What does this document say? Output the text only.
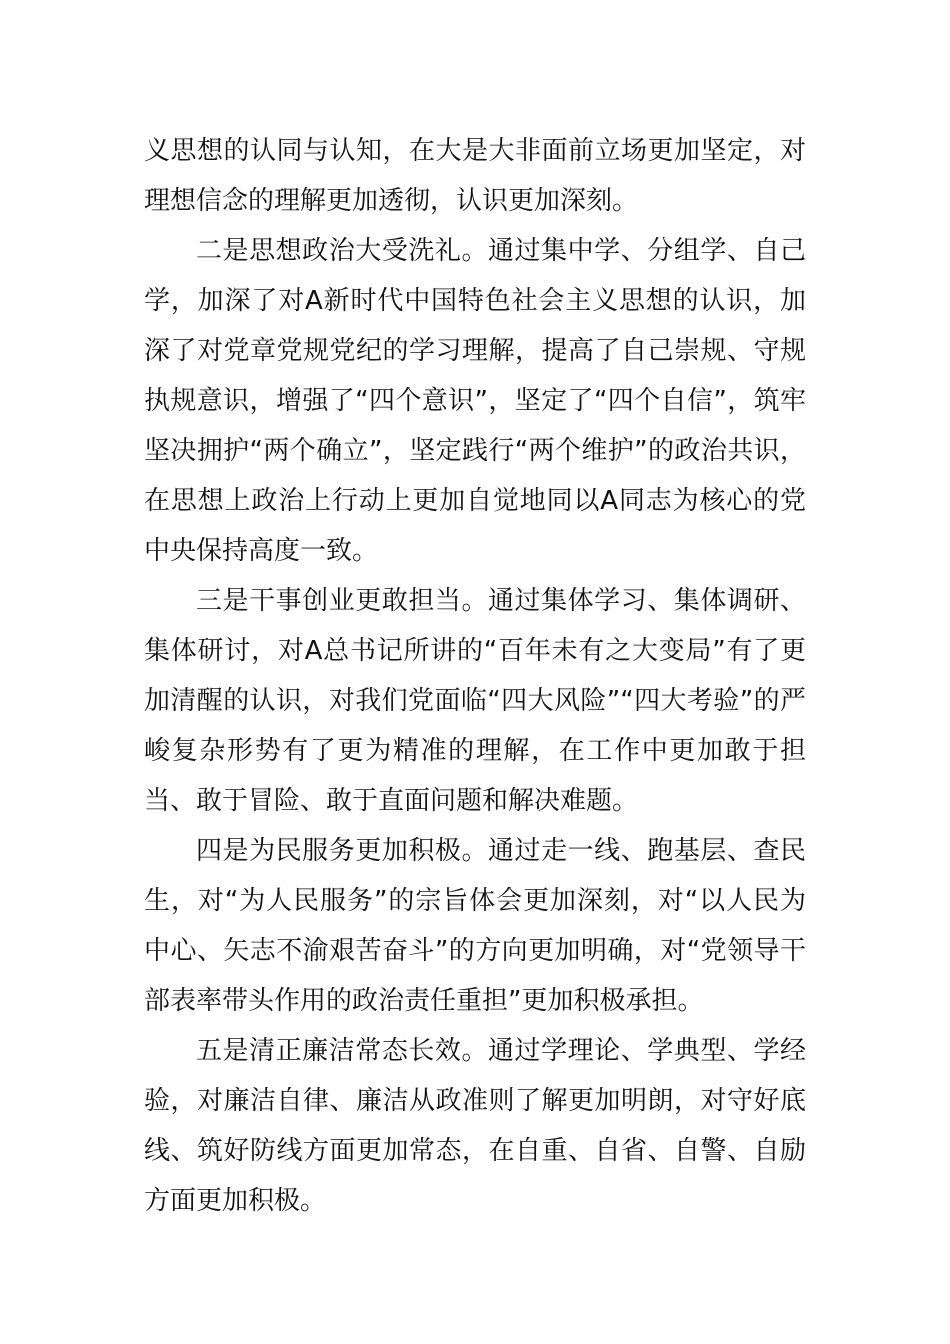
义思想的认同与认知，在大是大非面前立场更加坚定，对理想信念的理解更加透彻，认识更加深刻。

二是思想政治大受洗礼。通过集中学、分组学、自己学，加深了对A新时代中国特色社会主义思想的认识，加深了对党章党规党纪的学习理解，提高了自己崇规、守规执规意识，增强了“四个意识”，坚定了“四个自信”，筑牢坚决拥护“两个确立”，坚定践行“两个维护”的政治共识，在思想上政治上行动上更加自觉地同以A同志为核心的党中央保持高度一致。

三是干事创业更敢担当。通过集体学习、集体调研、集体研讨，对A总书记所讲的“百年未有之大变局”有了更加清醒的认识，对我们党面临“四大风险”“四大考验”的严峻复杂形势有了更为精准的理解，在工作中更加敢于担当、敢于冒险、敢于直面问题和解决难题。

四是为民服务更加积极。通过走一线、跑基层、查民生，对“为人民服务”的宗旨体会更加深刻，对“以人民为中心、矢志不渝艰苦奋斗”的方向更加明确，对“党领导干部表率带头作用的政治责任重担”更加积极承担。

五是清正廉洁常态长效。通过学理论、学典型、学经验，对廉洁自律、廉洁从政准则了解更加明朗，对守好底线、筑好防线方面更加常态，在自重、自省、自警、自励方面更加积极。
